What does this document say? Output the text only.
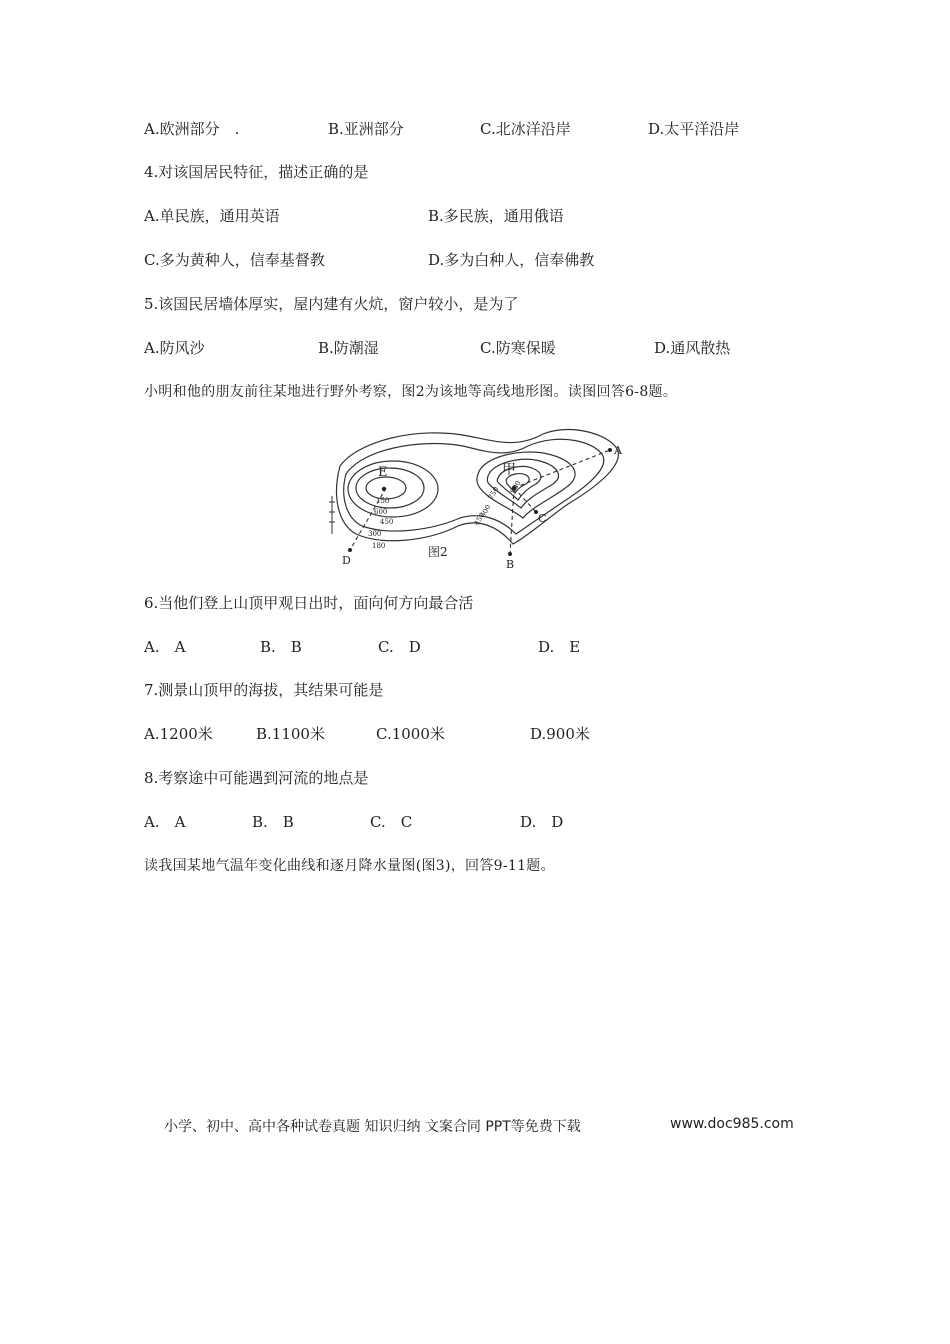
A.欧洲部分　.	B.亚洲部分	C.北冰洋沿岸	D.太平洋沿岸
4.对该国居民特征，描述正确的是
A.单民族，通用英语	B.多民族，通用俄语
C.多为黄种人，信奉基督教	D.多为白种人，信奉佛教
5.该国民居墙体厚实，屋内建有火炕，窗户较小，是为了
A.防风沙	B.防潮湿	C.防寒保暖	D.通风散热
小明和他的朋友前往某地进行野外考察，图2为该地等高线地形图。读图回答6-8题。
A
C
B
D
E	甲
图2
150
600
450
300
180
750 900
600
450
6.当他们登上山顶甲观日出时，面向何方向最合活
A.　A	B.　B	C.　D	D.　E
7.测景山顶甲的海拔，其结果可能是
A.1200米	B.1100米	C.1000米	D.900米
8.考察途中可能遇到河流的地点是
A.　A	B.　B	C.　C	D.　D
读我国某地气温年变化曲线和逐月降水量图(图3)，回答9-11题。
小学、初中、高中各种试卷真题 知识归纳 文案合同 PPT等免费下载	www.doc985.com
